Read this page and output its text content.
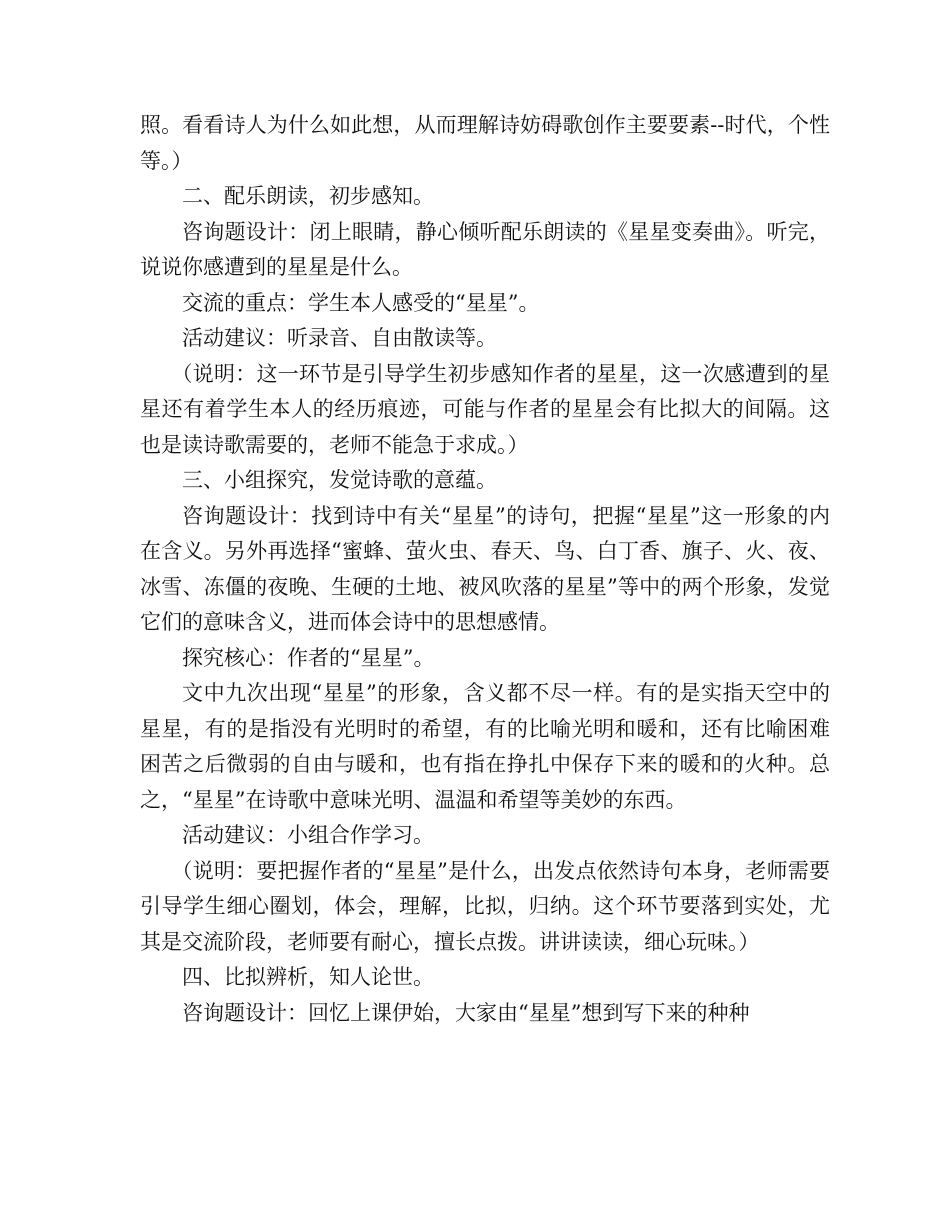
照。看看诗人为什么如此想，从而理解诗妨碍歌创作主要要素--时代，个性等。）

二、配乐朗读，初步感知。

咨询题设计：闭上眼睛，静心倾听配乐朗读的《星星变奏曲》。听完，说说你感遭到的星星是什么。

交流的重点：学生本人感受的“星星”。

活动建议：听录音、自由散读等。

（说明：这一环节是引导学生初步感知作者的星星，这一次感遭到的星星还有着学生本人的经历痕迹，可能与作者的星星会有比拟大的间隔。这也是读诗歌需要的，老师不能急于求成。）

三、小组探究，发觉诗歌的意蕴。

咨询题设计：找到诗中有关“星星”的诗句，把握“星星”这一形象的内在含义。另外再选择“蜜蜂、萤火虫、春天、鸟、白丁香、旗子、火、夜、冰雪、冻僵的夜晚、生硬的土地、被风吹落的星星”等中的两个形象，发觉它们的意味含义，进而体会诗中的思想感情。

探究核心：作者的“星星”。

文中九次出现“星星”的形象，含义都不尽一样。有的是实指天空中的星星，有的是指没有光明时的希望，有的比喻光明和暖和，还有比喻困难困苦之后微弱的自由与暖和，也有指在挣扎中保存下来的暖和的火种。总之，“星星”在诗歌中意味光明、温温和希望等美妙的东西。

活动建议：小组合作学习。

（说明：要把握作者的“星星”是什么，出发点依然诗句本身，老师需要引导学生细心圈划，体会，理解，比拟，归纳。这个环节要落到实处，尤其是交流阶段，老师要有耐心，擅长点拨。讲讲读读，细心玩味。）

四、比拟辨析，知人论世。

咨询题设计：回忆上课伊始，大家由“星星”想到写下来的种种
